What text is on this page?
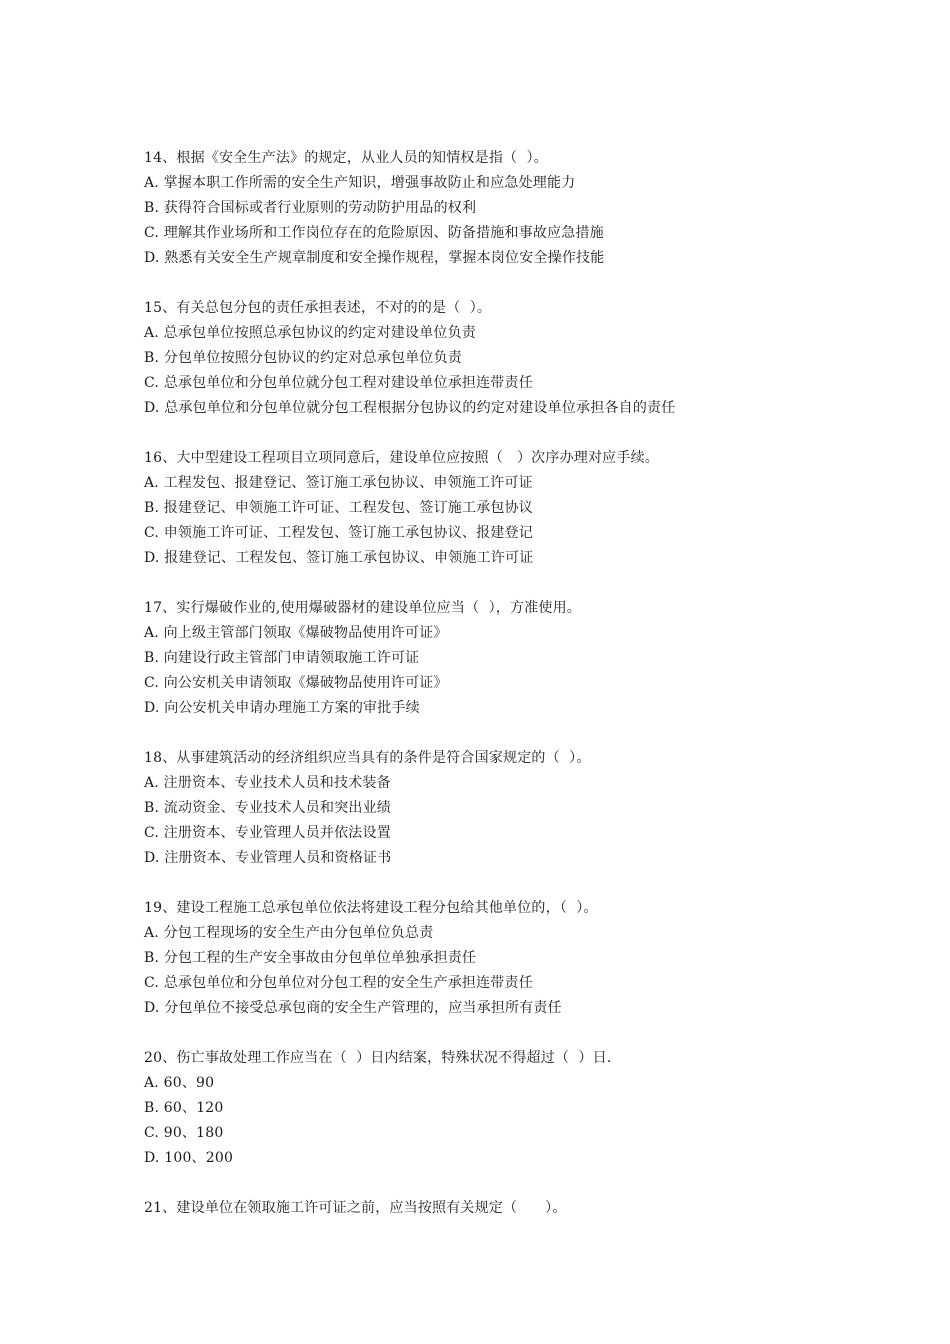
14、根据《安全生产法》的规定，从业人员的知情权是指（  ）。
A. 掌握本职工作所需的安全生产知识，增强事故防止和应急处理能力
B. 获得符合国标或者行业原则的劳动防护用品的权利
C. 理解其作业场所和工作岗位存在的危险原因、防备措施和事故应急措施
D. 熟悉有关安全生产规章制度和安全操作规程，掌握本岗位安全操作技能
15、有关总包分包的责任承担表述，不对的的是（  ）。
A. 总承包单位按照总承包协议的约定对建设单位负责
B. 分包单位按照分包协议的约定对总承包单位负责
C. 总承包单位和分包单位就分包工程对建设单位承担连带责任
D. 总承包单位和分包单位就分包工程根据分包协议的约定对建设单位承担各自的责任
16、大中型建设工程项目立项同意后，建设单位应按照（   ）次序办理对应手续。
A. 工程发包、报建登记、签订施工承包协议、申领施工许可证
B. 报建登记、申领施工许可证、工程发包、签订施工承包协议
C. 申领施工许可证、工程发包、签订施工承包协议、报建登记
D. 报建登记、工程发包、签订施工承包协议、申领施工许可证
17、实行爆破作业的,使用爆破器材的建设单位应当（  ），方准使用。
A. 向上级主管部门领取《爆破物品使用许可证》
B. 向建设行政主管部门申请领取施工许可证
C. 向公安机关申请领取《爆破物品使用许可证》
D. 向公安机关申请办理施工方案的审批手续
18、从事建筑活动的经济组织应当具有的条件是符合国家规定的（  ）。
A. 注册资本、专业技术人员和技术装备
B. 流动资金、专业技术人员和突出业绩
C. 注册资本、专业管理人员并依法设置
D. 注册资本、专业管理人员和资格证书
19、建设工程施工总承包单位依法将建设工程分包给其他单位的，（  ）。
A. 分包工程现场的安全生产由分包单位负总责
B. 分包工程的生产安全事故由分包单位单独承担责任
C. 总承包单位和分包单位对分包工程的安全生产承担连带责任
D. 分包单位不接受总承包商的安全生产管理的，应当承担所有责任
20、伤亡事故处理工作应当在（  ）日内结案，特殊状况不得超过（  ）日.
A. 60、90
B. 60、120
C. 90、180
D. 100、200
21、建设单位在领取施工许可证之前，应当按照有关规定（      ）。
